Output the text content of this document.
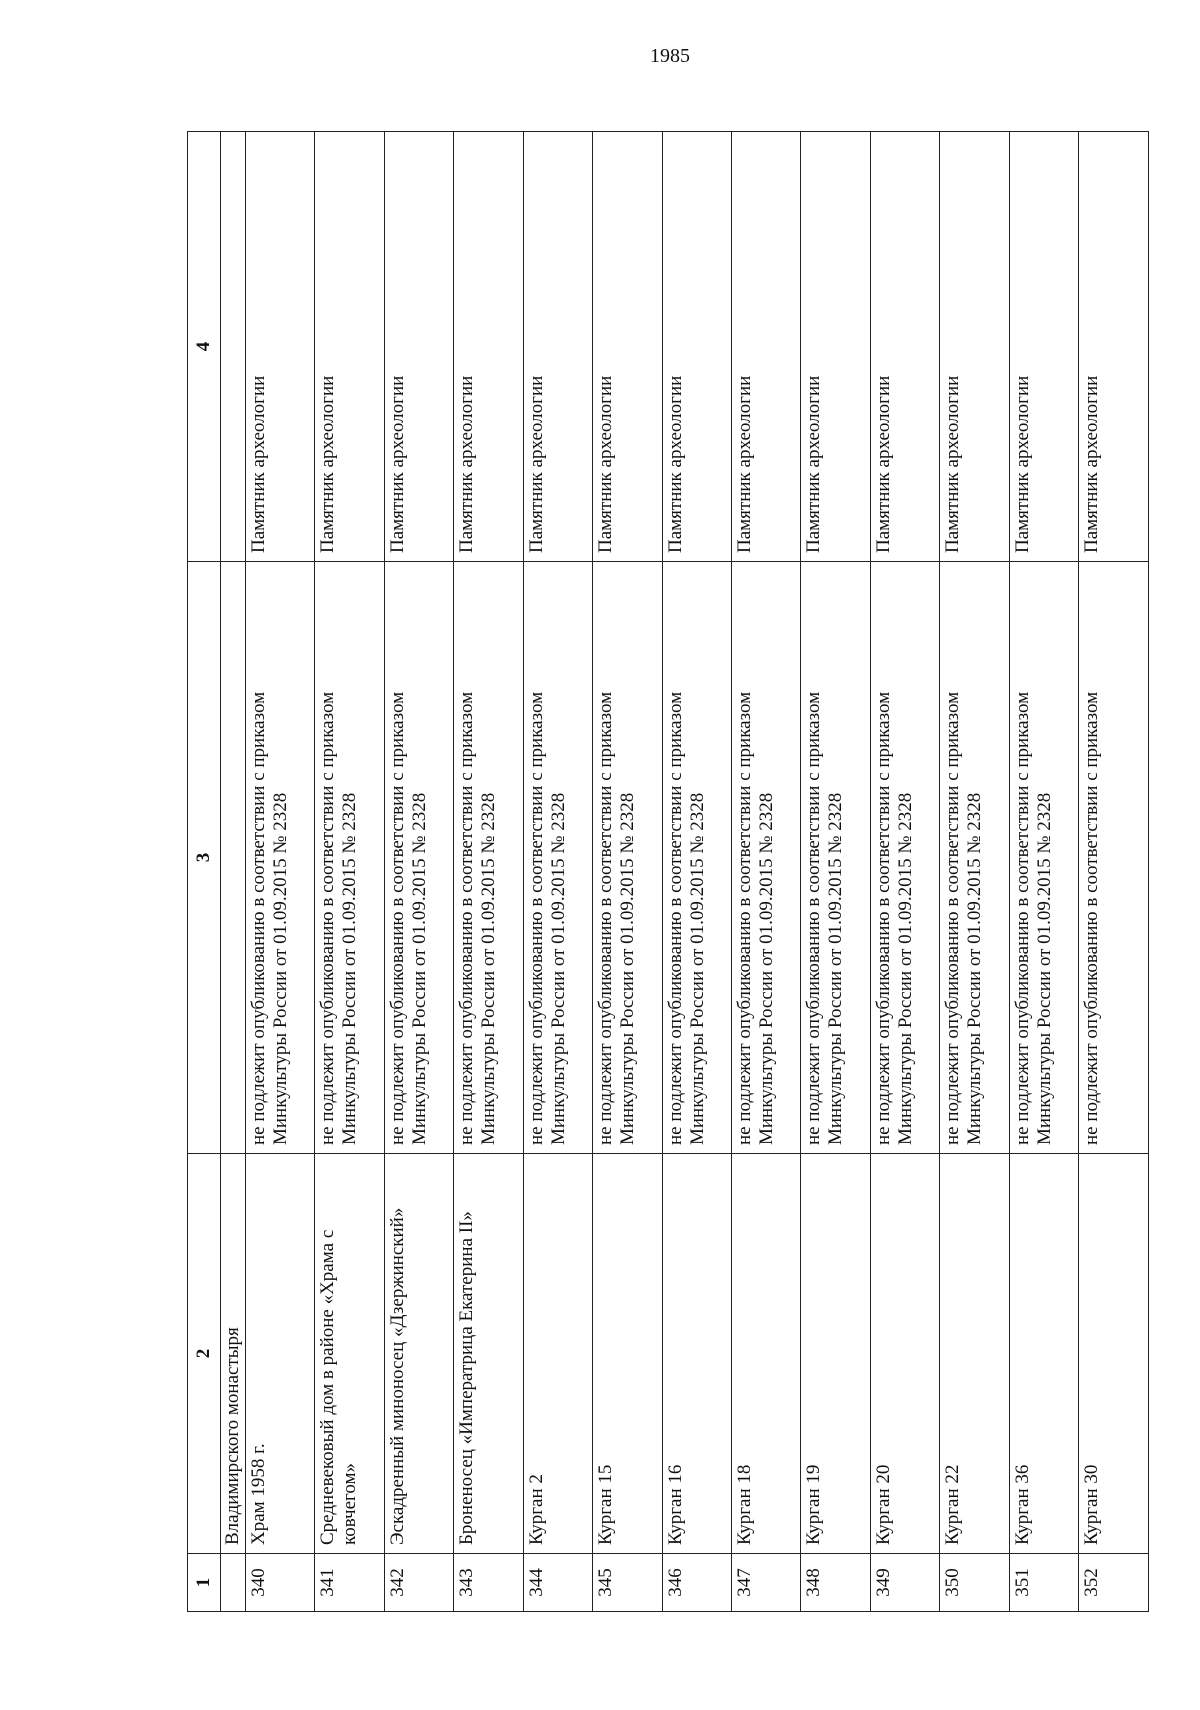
1985
1	2	3	4
	Владимирского монастыря		
340	Храм 1958 г.	не подлежит опубликованию в соответствии с приказом Минкультуры России от 01.09.2015 № 2328	Памятник археологии
341	Средневековый дом в районе «Храма с ковчегом»	не подлежит опубликованию в соответствии с приказом Минкультуры России от 01.09.2015 № 2328	Памятник археологии
342	Эскадренный миноносец «Дзержинский»	не подлежит опубликованию в соответствии с приказом Минкультуры России от 01.09.2015 № 2328	Памятник археологии
343	Броненосец «Императрица Екатерина II»	не подлежит опубликованию в соответствии с приказом Минкультуры России от 01.09.2015 № 2328	Памятник археологии
344	Курган 2	не подлежит опубликованию в соответствии с приказом Минкультуры России от 01.09.2015 № 2328	Памятник археологии
345	Курган 15	не подлежит опубликованию в соответствии с приказом Минкультуры России от 01.09.2015 № 2328	Памятник археологии
346	Курган 16	не подлежит опубликованию в соответствии с приказом Минкультуры России от 01.09.2015 № 2328	Памятник археологии
347	Курган 18	не подлежит опубликованию в соответствии с приказом Минкультуры России от 01.09.2015 № 2328	Памятник археологии
348	Курган 19	не подлежит опубликованию в соответствии с приказом Минкультуры России от 01.09.2015 № 2328	Памятник археологии
349	Курган 20	не подлежит опубликованию в соответствии с приказом Минкультуры России от 01.09.2015 № 2328	Памятник археологии
350	Курган 22	не подлежит опубликованию в соответствии с приказом Минкультуры России от 01.09.2015 № 2328	Памятник археологии
351	Курган 36	не подлежит опубликованию в соответствии с приказом Минкультуры России от 01.09.2015 № 2328	Памятник археологии
352	Курган 30	не подлежит опубликованию в соответствии с приказом	Памятник археологии
